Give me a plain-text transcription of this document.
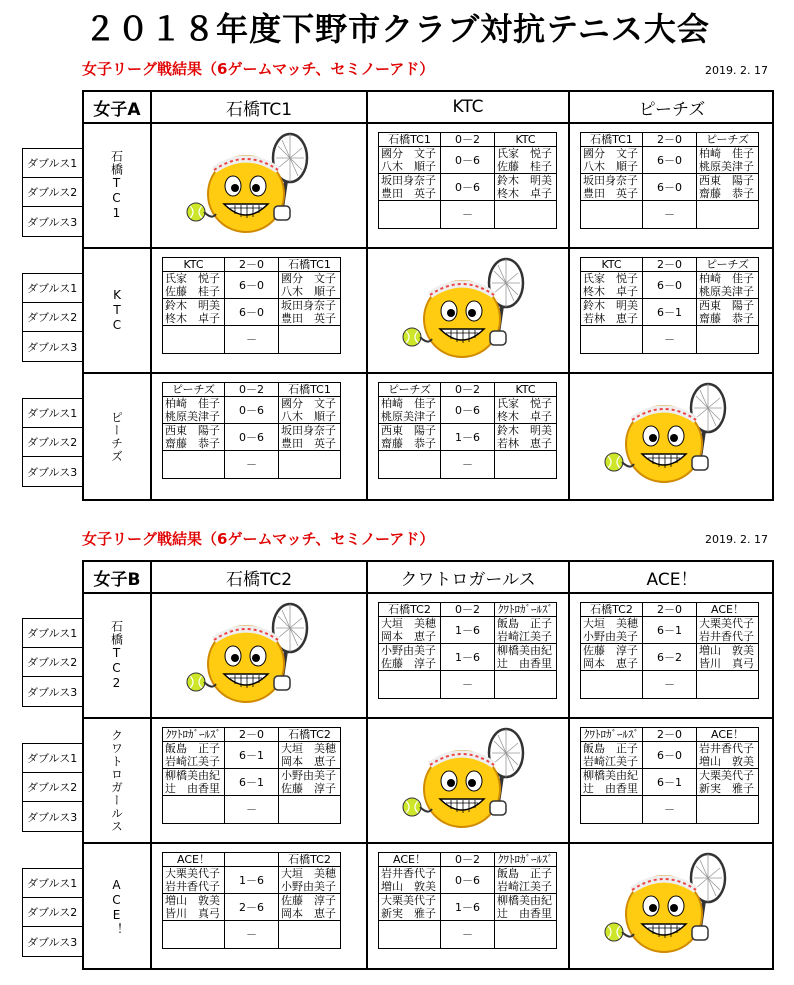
２０１８年度下野市クラブ対抗テニス大会
女子リーグ戦結果（6ゲームマッチ、セミノーアド）	2019. 2. 17
女子A	石橋TC1	KTC	ピーチズ
石橋TC1
石橋TC1	0－2	KTC
國分　文子	0－6	氏家　悦子
八木　順子		佐藤　桂子
坂田身奈子	0－6	鈴木　明美
豊田　英子		柊木　卓子
	－	
石橋TC1	2－0	ピーチズ
國分　文子	6－0	柏崎　佳子
八木　順子		桃原美津子
坂田身奈子	6－0	西東　陽子
豊田　英子		齋藤　恭子
	－	
KTC
KTC	2－0	石橋TC1
氏家　悦子	6－0	國分　文子
佐藤　桂子		八木　順子
鈴木　明美	6－0	坂田身奈子
柊木　卓子		豊田　英子
	－	
KTC	2－0	ピーチズ
氏家　悦子	6－0	柏崎　佳子
柊木　卓子		桃原美津子
鈴木　明美	6－1	西東　陽子
若林　恵子		齋藤　恭子
	－	
ピーチズ
ピーチズ	0－2	石橋TC1
柏崎　佳子	0－6	國分　文子
桃原美津子		八木　順子
西東　陽子	0－6	坂田身奈子
齋藤　恭子		豊田　英子
	－	
ピーチズ	0－2	KTC
柏崎　佳子	0－6	氏家　悦子
桃原美津子		柊木　卓子
西東　陽子	1－6	鈴木　明美
齋藤　恭子		若林　恵子
	－	
女子リーグ戦結果（6ゲームマッチ、セミノーアド）	2019. 2. 17
女子B	石橋TC2	クワトロガールス	ACE！
石橋TC2
石橋TC2	0－2	ｸﾜﾄﾛｶﾞｰﾙｽﾞ
大垣　美穂	1－6	飯島　正子
岡本　恵子		岩崎江美子
小野由美子	1－6	柳橋美由紀
佐藤　淳子		辻　由香里
	－	
石橋TC2	2－0	ACE！
大垣　美穂	6－1	大栗美代子
小野由美子		岩井香代子
佐藤　淳子	6－2	増山　敦美
岡本　恵子		皆川　真弓
	－	
クワトロガールス	ｸﾜﾄﾛｶﾞｰﾙｽﾞ	2－0	石橋TC2
飯島　正子	6－1	大垣　美穂
岩崎江美子		岡本　恵子
柳橋美由紀	6－1	小野由美子
辻　由香里		佐藤　淳子
	－	
ｸﾜﾄﾛｶﾞｰﾙｽﾞ	2－0	ACE！
飯島　正子	6－0	岩井香代子
岩崎江美子		増山　敦美
柳橋美由紀	6－1	大栗美代子
辻　由香里		新実　雅子
	－	
ACE！
ACE！		石橋TC2
大栗美代子	1－6	大垣　美穂
岩井香代子		小野由美子
増山　敦美	2－6	佐藤　淳子
皆川　真弓		岡本　恵子
	－	
ACE！	0－2	ｸﾜﾄﾛｶﾞｰﾙｽﾞ
岩井香代子	0－6	飯島　正子
増山　敦美		岩崎江美子
大栗美代子	1－6	柳橋美由紀
新実　雅子		辻　由香里
	－	
ダブルス1
ダブルス2
ダブルス3
ダブルス1
ダブルス2
ダブルス3
ダブルス1
ダブルス2
ダブルス3
ダブルス1
ダブルス2
ダブルス3
ダブルス1
ダブルス2
ダブルス3
ダブルス1
ダブルス2
ダブルス3
